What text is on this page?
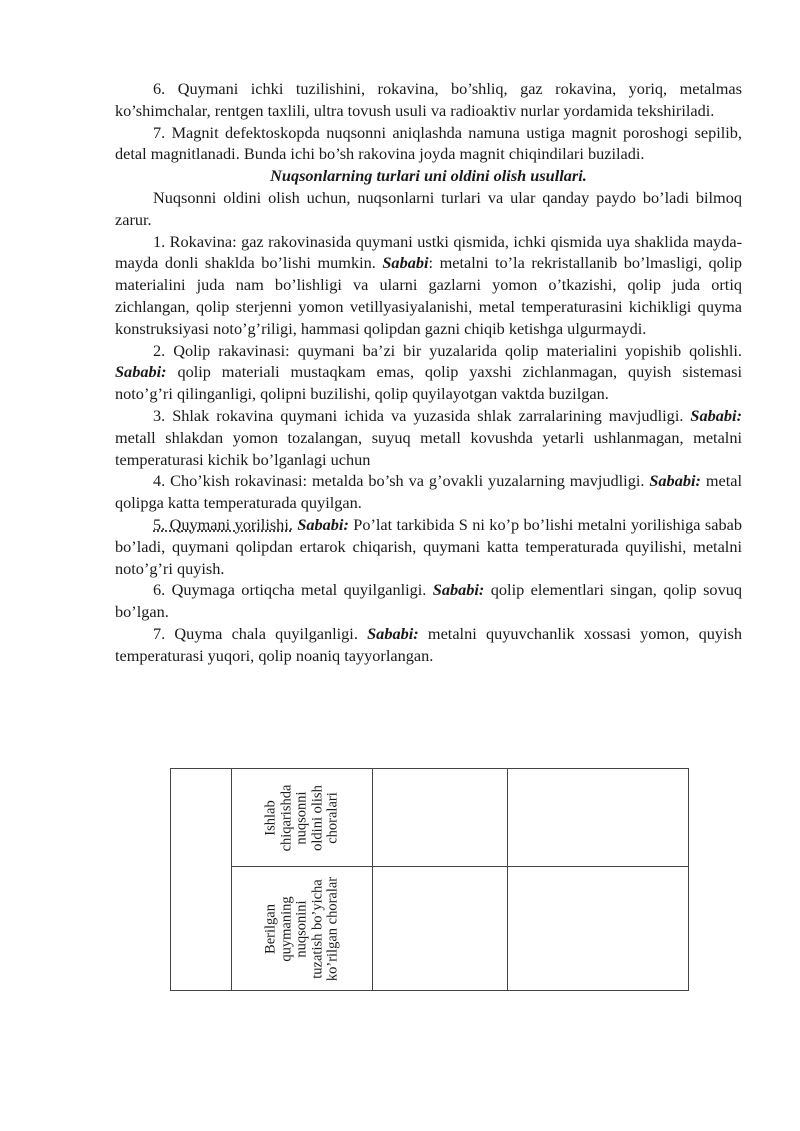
6. Quymani ichki tuzilishini, rokavina, bo’shliq, gaz rokavina, yoriq, metalmas ko’shimchalar, rentgen taxlili, ultra tovush usuli va radioaktiv nurlar yordamida tekshiriladi.

7. Magnit defektoskopda nuqsonni aniqlashda namuna ustiga magnit poroshogi sepilib, detal magnitlanadi. Bunda ichi bo’sh rakovina joyda magnit chiqindilari buziladi.

Nuqsonlarning turlari uni oldini olish usullari.

Nuqsonni oldini olish uchun, nuqsonlarni turlari va ular qanday paydo bo’ladi bilmoq zarur.

1. Rokavina: gaz rakovinasida quymani ustki qismida, ichki qismida uya shaklida mayda-mayda donli shaklda bo’lishi mumkin. Sababi: metalni to’la rekristallanib bo’lmasligi, qolip materialini juda nam bo’lishligi va ularni gazlarni yomon o’tkazishi, qolip juda ortiq zichlangan, qolip sterjenni yomon vetillyasiyalanishi, metal temperaturasini kichikligi quyma konstruksiyasi noto’g’riligi, hammasi qolipdan gazni chiqib ketishga ulgurmaydi.

2. Qolip rakavinasi: quymani ba’zi bir yuzalarida qolip materialini yopishib qolishli. Sababi: qolip materiali mustaqkam emas, qolip yaxshi zichlanmagan, quyish sistemasi noto’g’ri qilinganligi, qolipni buzilishi, qolip quyilayotgan vaktda buzilgan.

3. Shlak rokavina quymani ichida va yuzasida shlak zarralarining mavjudligi. Sababi: metall shlakdan yomon tozalangan, suyuq metall kovushda yetarli ushlanmagan, metalni temperaturasi kichik bo’lganlagi uchun

4. Cho’kish rokavinasi: metalda bo’sh va g’ovakli yuzalarning mavjudligi. Sababi: metal qolipga katta temperaturada quyilgan.

5. Quymani yorilishi. Sababi: Po’lat tarkibida S ni ko’p bo’lishi metalni yorilishiga sabab bo’ladi, quymani qolipdan ertarok chiqarish, quymani katta temperaturada quyilishi, metalni noto’g’ri quyish.

6. Quymaga ortiqcha metal quyilganligi. Sababi: qolip elementlari singan, qolip sovuq bo’lgan.

7. Quyma chala quyilganligi. Sababi: metalni quyuvchanlik xossasi yomon, quyish temperaturasi yuqori, qolip noaniq tayyorlangan.

	Ishlab chiqarishda nuqsonni oldini olish choralari		

	Berilgan quymaning nuqsonini tuzatish bo’yicha ko’rilgan choralar		
